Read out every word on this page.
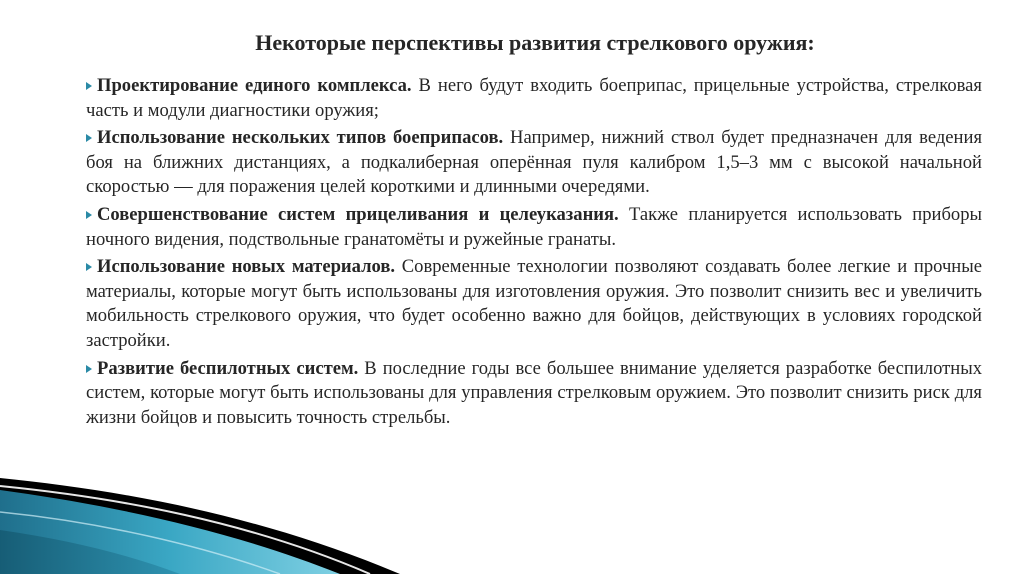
Некоторые перспективы развития стрелкового оружия:

Проектирование единого комплекса. В него будут входить боеприпас, прицельные устройства, стрелковая часть и модули диагностики оружия;

Использование нескольких типов боеприпасов. Например, нижний ствол будет предназначен для ведения боя на ближних дистанциях, а подкалиберная оперённая пуля калибром 1,5–3 мм с высокой начальной скоростью — для поражения целей короткими и длинными очередями.

Совершенствование систем прицеливания и целеуказания. Также планируется использовать приборы ночного видения, подствольные гранатомёты и ружейные гранаты.

Использование новых материалов. Современные технологии позволяют создавать более легкие и прочные материалы, которые могут быть использованы для изготовления оружия. Это позволит снизить вес и увеличить мобильность стрелкового оружия, что будет особенно важно для бойцов, действующих в условиях городской застройки.

Развитие беспилотных систем. В последние годы все большее внимание уделяется разработке беспилотных систем, которые могут быть использованы для управления стрелковым оружием. Это позволит снизить риск для жизни бойцов и повысить точность стрельбы.
